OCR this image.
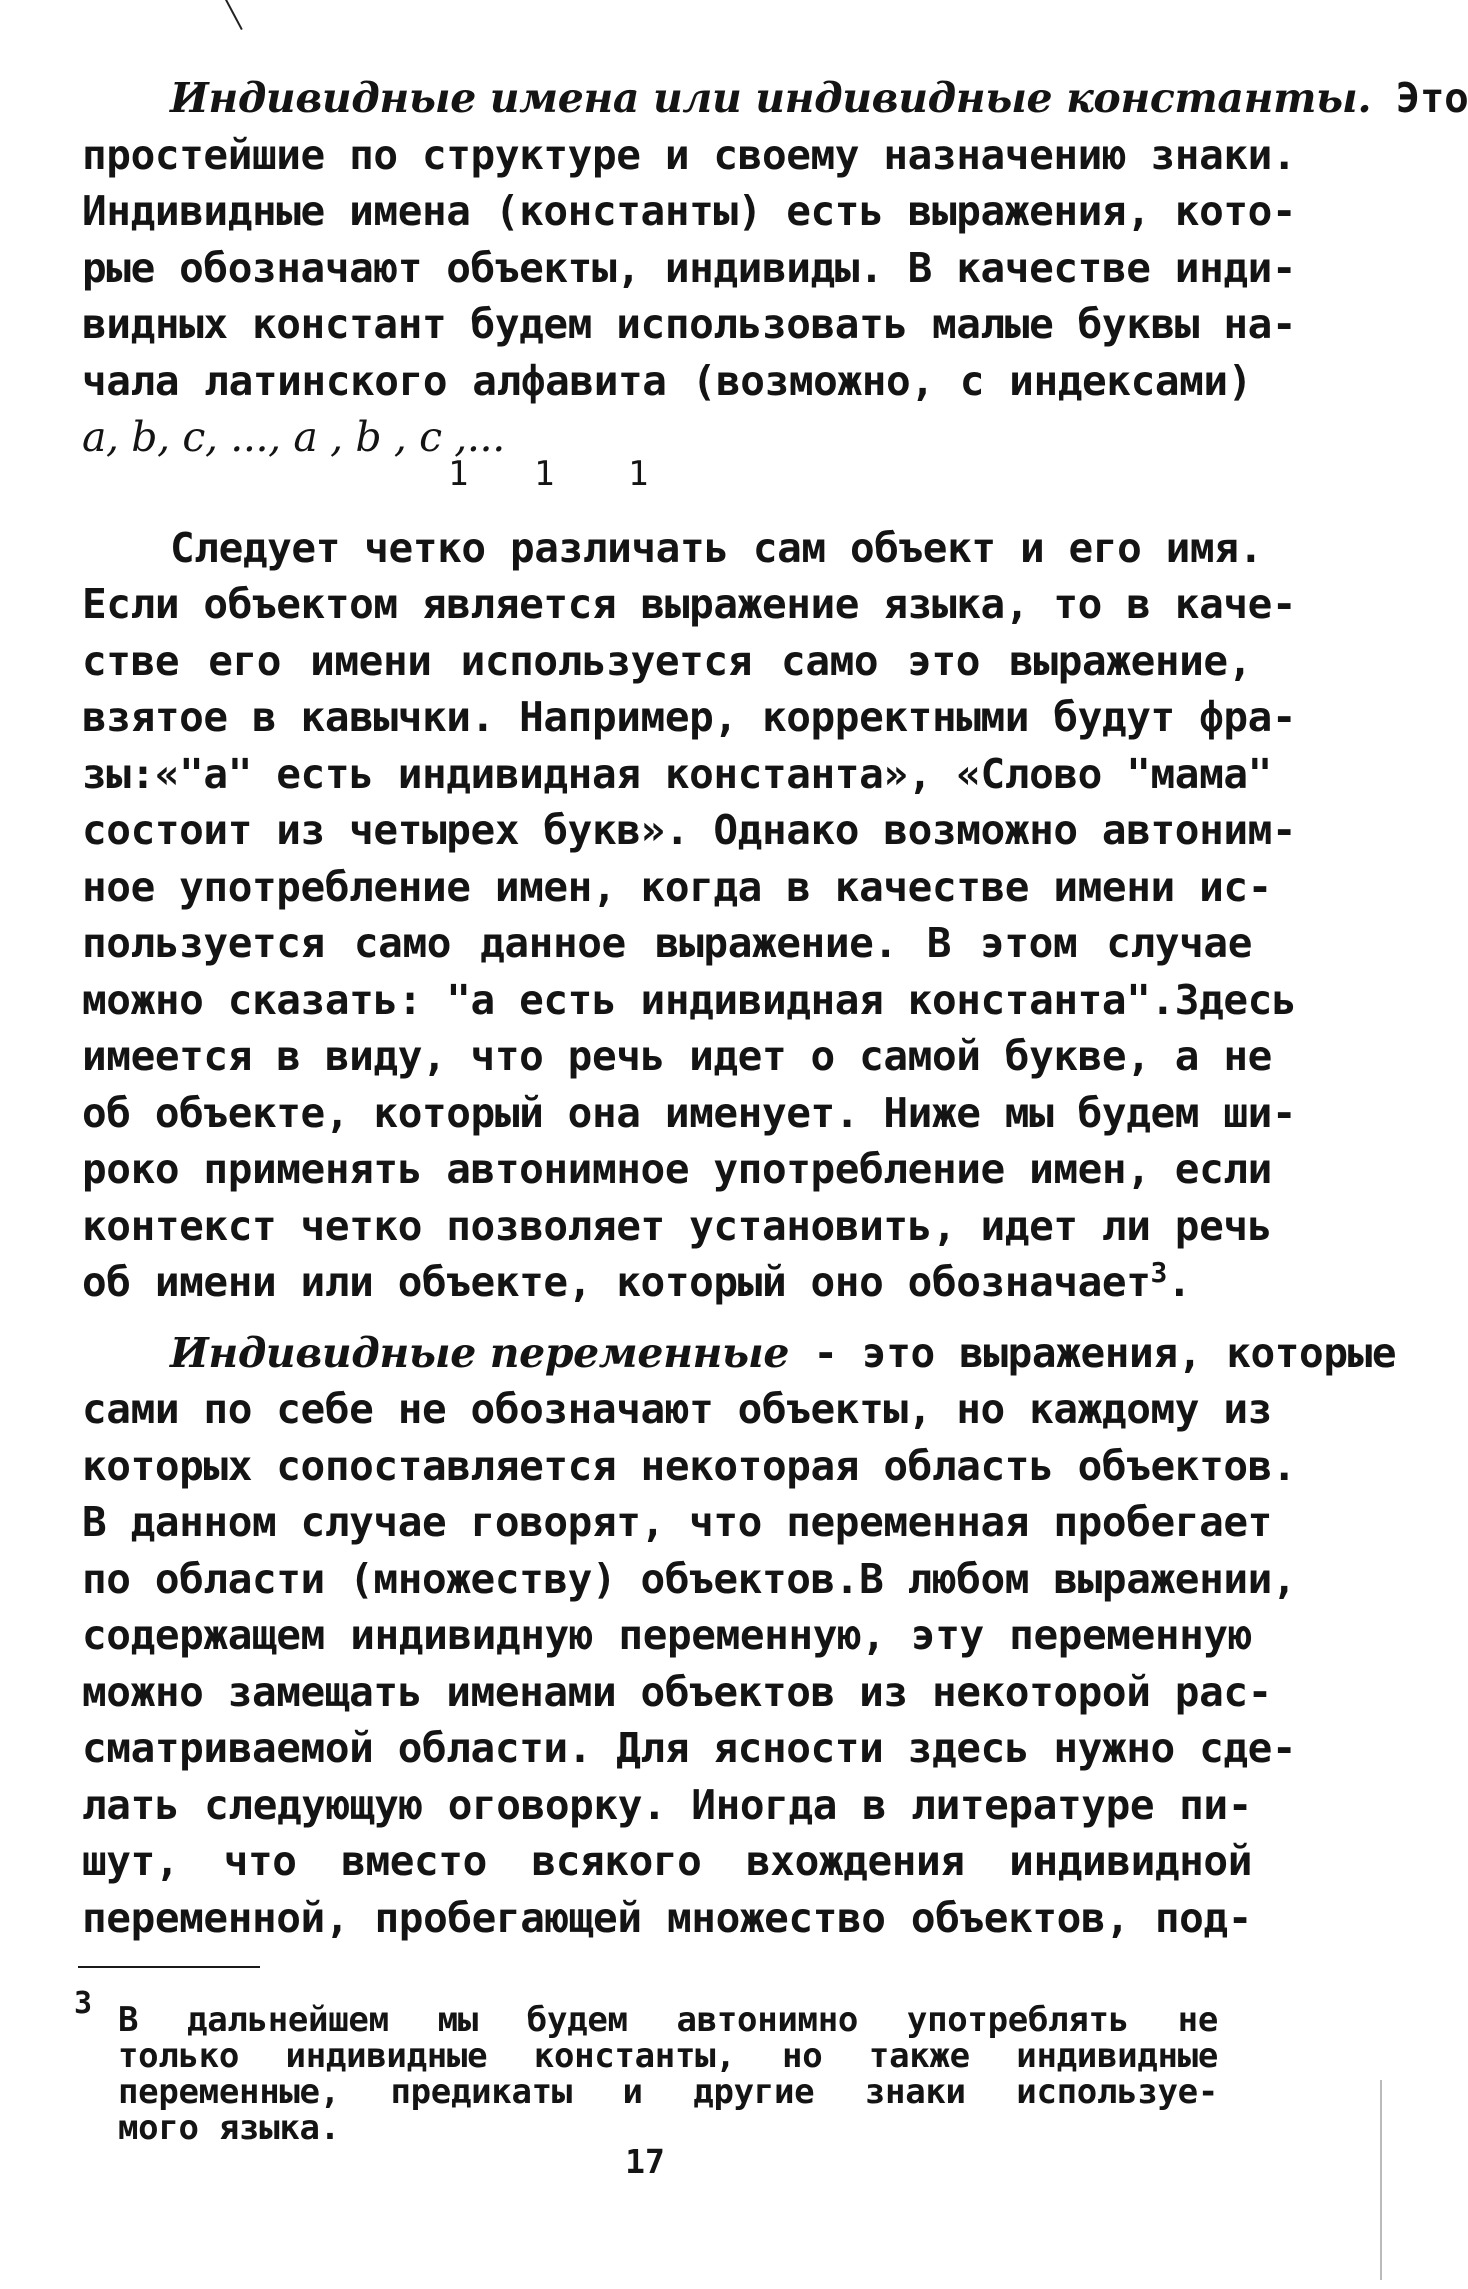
Индивидные имена или индивидные константы. Это
простейшие по структуре и своему назначению знаки.
Индивидные имена (константы) есть выражения, кото-
рые обозначают объекты, индивиды. В качестве инди-
видных констант будем использовать малые буквы на-
чала латинского алфавита (возможно, с индексами)
a, b, c, ..., a , b , c ,...
1 1 1
Следует четко различать сам объект и его имя.
Если объектом является выражение языка, то в каче-
стве его имени используется само это выражение,
взятое в кавычки. Например, корректными будут фра-
зы:«"a" есть индивидная константа», «Слово "мама"
состоит из четырех букв». Однако возможно автоним-
ное употребление имен, когда в качестве имени ис-
пользуется само данное выражение. В этом случае
можно сказать: "a есть индивидная константа".Здесь
имеется в виду, что речь идет о самой букве, а не
об объекте, который она именует. Ниже мы будем ши-
роко применять автонимное употребление имен, если
контекст четко позволяет установить, идет ли речь
об имени или объекте, который оно обозначает$^3$.
Индивидные переменные - это выражения, которые
сами по себе не обозначают объекты, но каждому из
которых сопоставляется некоторая область объектов.
В данном случае говорят, что переменная пробегает
по области (множеству) объектов.В любом выражении,
содержащем индивидную переменную, эту переменную
можно замещать именами объектов из некоторой рас-
сматриваемой области. Для ясности здесь нужно сде-
лать следующую оговорку. Иногда в литературе пи-
шут, что вместо всякого вхождения индивидной
переменной, пробегающей множество объектов, под-
3 В дальнейшем мы будем автонимно употреблять не
только индивидные константы, но также индивидные
переменные, предикаты и другие знаки используе-
мого языка.
17
